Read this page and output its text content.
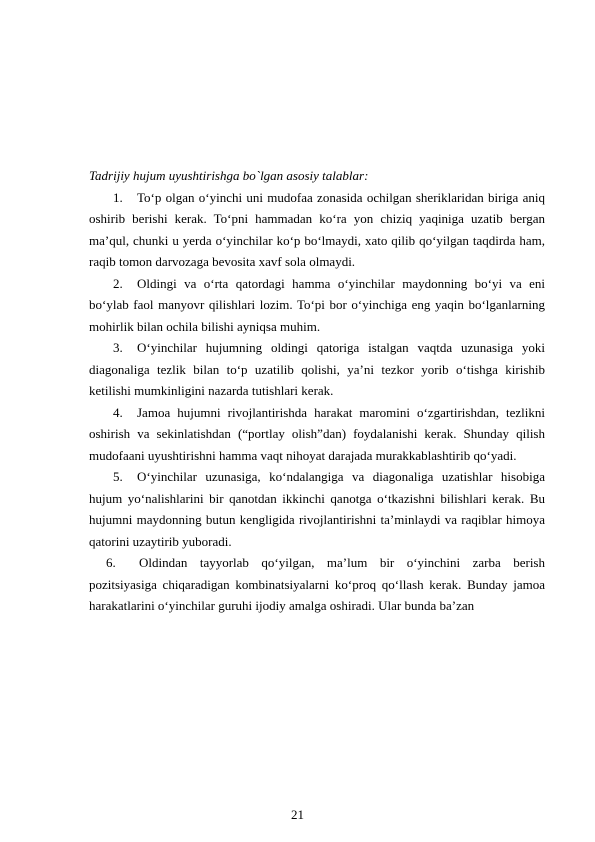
Tadrijiy hujum uyushtirishga bo`lgan asosiy talablar:

1. To‘p olgan o‘yinchi uni mudofaa zonasida ochilgan sheriklaridan biriga aniq oshirib berishi kerak. To‘pni hammadan ko‘ra yon chiziq yaqiniga uzatib bergan ma’qul, chunki u yerda o‘yinchilar ko‘p bo‘lmaydi, xato qilib qo‘yilgan taqdirda ham, raqib tomon darvozaga bevosita xavf sola olmaydi.

2. Oldingi va o‘rta qatordagi hamma o‘yinchilar maydonning bo‘yi va eni bo‘ylab faol manyovr qilishlari lozim. To‘pi bor o‘yinchiga eng yaqin bo‘lganlarning mohirlik bilan ochila bilishi ayniqsa muhim.

3. O‘yinchilar hujumning oldingi qatoriga istalgan vaqtda uzunasiga yoki diagonaliga tezlik bilan to‘p uzatilib qolishi, ya’ni tezkor yorib o‘tishga kirishib ketilishi mumkinligini nazarda tutishlari kerak.

4. Jamoa hujumni rivojlantirishda harakat maromini o‘zgartirishdan, tezlikni oshirish va sekinlatishdan (“portlay olish”dan) foydalanishi kerak. Shunday qilish mudofaani uyushtirishni hamma vaqt nihoyat darajada murakkablashtirib qo‘yadi.

5. O‘yinchilar uzunasiga, ko‘ndalangiga va diagonaliga uzatishlar hisobiga hujum yo‘nalishlarini bir qanotdan ikkinchi qanotga o‘tkazishni bilishlari kerak. Bu hujumni maydonning butun kengligida rivojlantirishni ta’minlaydi va raqiblar himoya qatorini uzaytirib yuboradi.

6. Oldindan tayyorlab qo‘yilgan, ma’lum bir o‘yinchini zarba berish pozitsiyasiga chiqaradigan kombinatsiyalarni ko‘proq qo‘llash kerak. Bunday jamoa harakatlarini o‘yinchilar guruhi ijodiy amalga oshiradi. Ular bunda ba’zan

21
